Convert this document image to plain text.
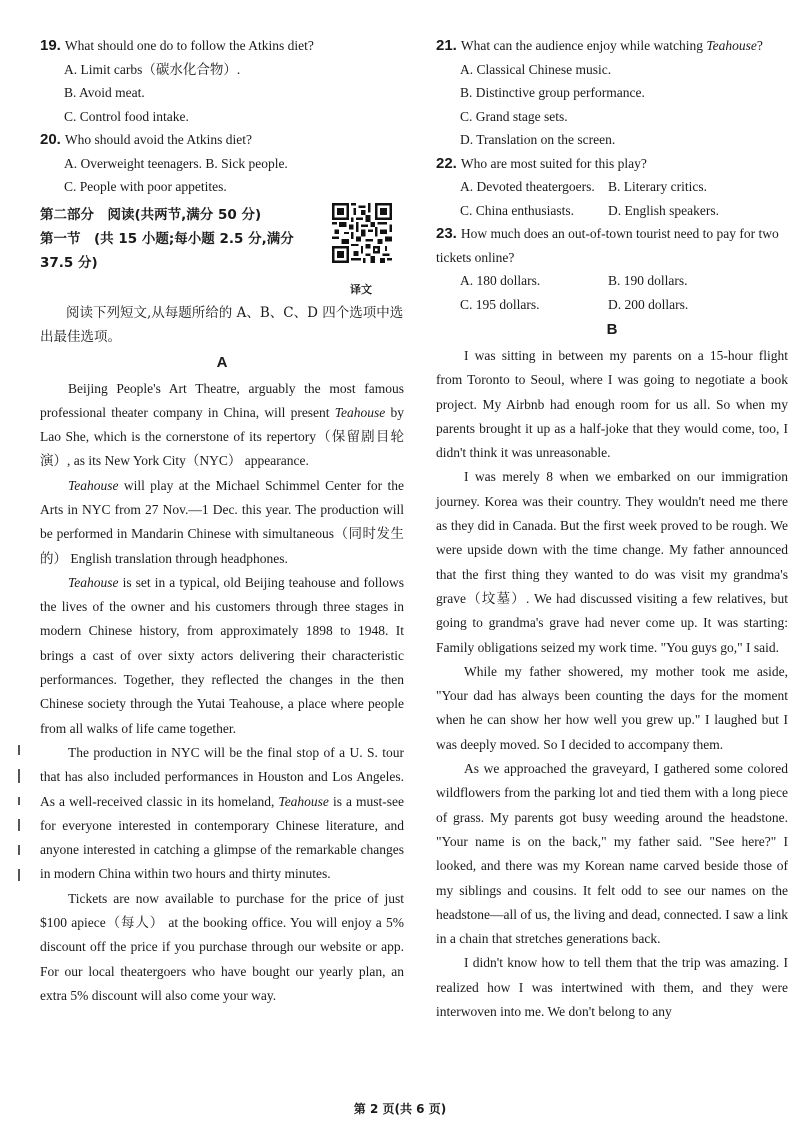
19. What should one do to follow the Atkins diet?
A. Limit carbs（碳水化合物）.
B. Avoid meat.
C. Control food intake.
20. Who should avoid the Atkins diet?
A. Overweight teenagers. B. Sick people.
C. People with poor appetites.
第二部分　阅读(共两节,满分 50 分)
第一节　(共 15 小题;每小题 2.5 分,满分 37.5 分)
译文

阅读下列短文,从每题所给的 A、B、C、D 四个选项中选出最佳选项。

A

Beijing People's Art Theatre, arguably the most famous professional theater company in China, will present Teahouse by Lao She, which is the cornerstone of its repertory（保留剧目轮演）, as its New York City（NYC） appearance.

Teahouse will play at the Michael Schimmel Center for the Arts in NYC from 27 Nov.—1 Dec. this year. The production will be performed in Mandarin Chinese with simultaneous（同时发生的） English translation through headphones.

Teahouse is set in a typical, old Beijing teahouse and follows the lives of the owner and his customers through three stages in modern Chinese history, from approximately 1898 to 1948. It brings a cast of over sixty actors delivering their characteristic performances. Together, they reflected the changes in the then Chinese society through the Yutai Teahouse, a place where people from all walks of life came together.

The production in NYC will be the final stop of a U. S. tour that has also included performances in Houston and Los Angeles. As a well-received classic in its homeland, Teahouse is a must-see for everyone interested in contemporary Chinese literature, and anyone interested in catching a glimpse of the remarkable changes in modern China within two hours and thirty minutes.

Tickets are now available to purchase for the price of just $100 apiece（每人） at the booking office. You will enjoy a 5% discount off the price if you purchase through our website or app. For our local theatergoers who have bought our yearly plan, an extra 5% discount will also come your way.

21. What can the audience enjoy while watching Teahouse?
A. Classical Chinese music.
B. Distinctive group performance.
C. Grand stage sets.
D. Translation on the screen.
22. Who are most suited for this play?
A. Devoted theatergoers. B. Literary critics.
C. China enthusiasts.	D. English speakers.
23. How much does an out-of-town tourist need to pay for two tickets online?
A. 180 dollars.	B. 190 dollars.
C. 195 dollars.	D. 200 dollars.
B

I was sitting in between my parents on a 15-hour flight from Toronto to Seoul, where I was going to negotiate a book project. My Airbnb had enough room for us all. So when my parents brought it up as a half-joke that they would come, too, I didn't think it was unreasonable.

I was merely 8 when we embarked on our immigration journey. Korea was their country. They wouldn't need me there as they did in Canada. But the first week proved to be rough. We were upside down with the time change. My father announced that the first thing they wanted to do was visit my grandma's grave（坟墓）. We had discussed visiting a few relatives, but going to grandma's grave had never come up. It was starting: Family obligations seized my work time. "You guys go," I said.

While my father showered, my mother took me aside, "Your dad has always been counting the days for the moment when he can show her how well you grew up." I laughed but I was deeply moved. So I decided to accompany them.

As we approached the graveyard, I gathered some colored wildflowers from the parking lot and tied them with a long piece of grass. My parents got busy weeding around the headstone. "Your name is on the back," my father said. "See here?" I looked, and there was my Korean name carved beside those of my siblings and cousins. It felt odd to see our names on the headstone—all of us, the living and dead, connected. I saw a link in a chain that stretches generations back.

I didn't know how to tell them that the trip was amazing. I realized how I was intertwined with them, and they were interwoven into me. We don't belong to any

第 2 页(共 6 页)
